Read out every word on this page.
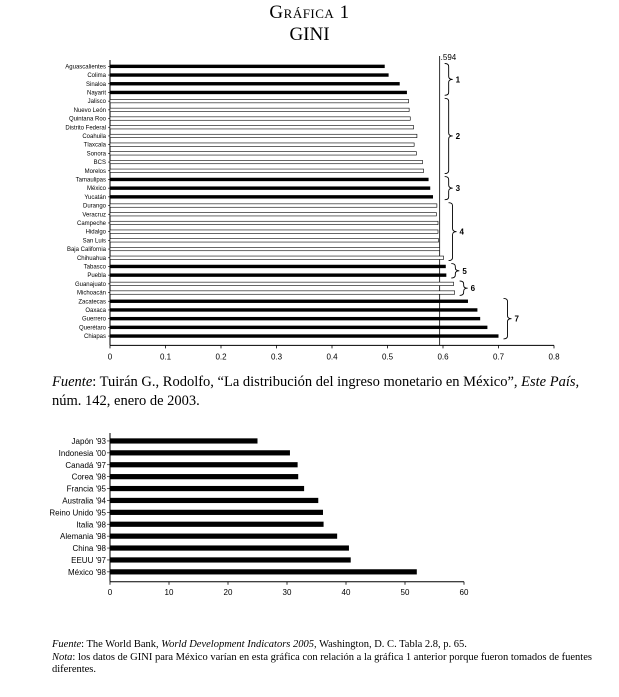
Gráfica 1
GINI
.594
Aguascalientes
Colima
Sinaloa
Nayarit
Jalisco
Nuevo León
Quintana Roo
Distrito Federal
Coahuila
Tlaxcala
Sonora
BCS
Morelos
Tamaulipas
México
Yucatán
Durango
Veracruz
Campeche
Hidalgo
San Luis
Baja California
Chihuahua
Tabasco
Puebla
Guanajuato
Michoacán
Zacatecas
Oaxaca
Guerrero
Querétaro
Chiapas
1
2
3
4
5
6
7
0	0.1	0.2	0.3	0.4	0.5	0.6	0.7	0.8
Japón '93
Indonesia '00
Canadá '97
Corea '98
Francia '95
Australia '94
Reino Unido '95
Italia '98
Alemania '98
China '98
EEUU '97
México '98
0	10	20	30	40	50	60

Fuente: Tuirán G., Rodolfo, “La distribución del ingreso monetario en México”, Este País, núm. 142, enero de 2003.

Fuente: The World Bank, World Development Indicators 2005, Washington, D. C. Tabla 2.8, p. 65.

Nota: los datos de GINI para México varían en esta gráfica con relación a la gráfica 1 anterior porque fueron tomados de fuentes diferentes.
